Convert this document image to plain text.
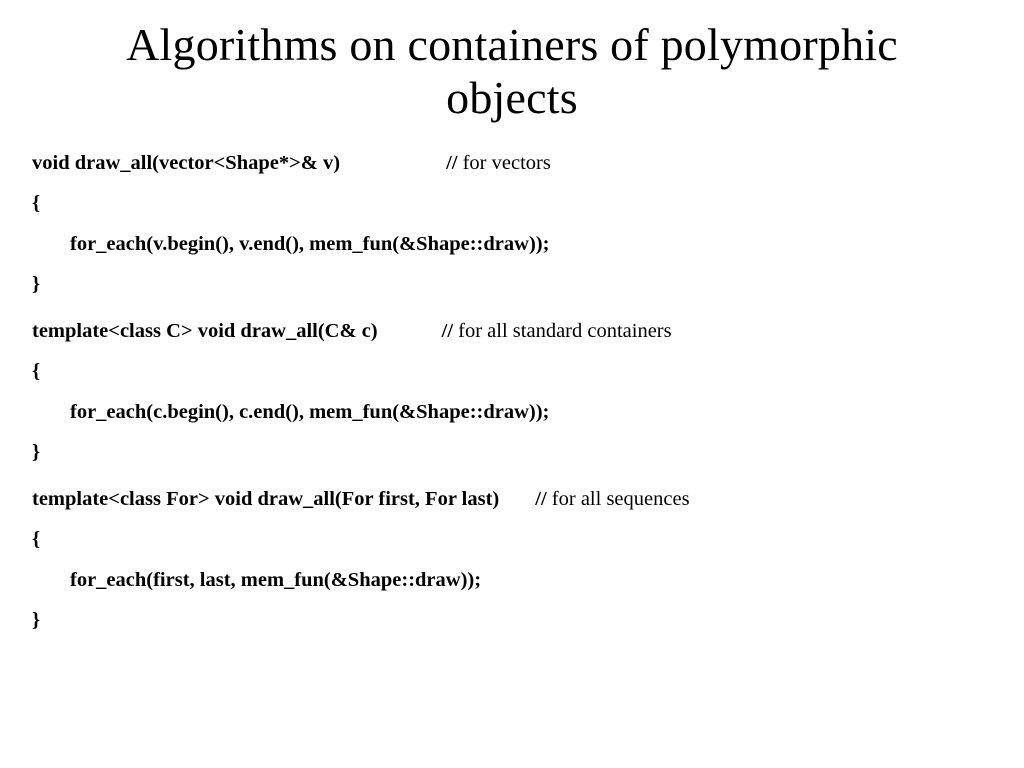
Algorithms on containers of polymorphic objects
void draw_all(vector<Shape*>& v)	// for vectors
{
for_each(v.begin(), v.end(), mem_fun(&Shape::draw));
}
template<class C> void draw_all(C& c)	// for all standard containers
{
for_each(c.begin(), c.end(), mem_fun(&Shape::draw));
}
template<class For> void draw_all(For first, For last) // for all sequences
{
for_each(first, last, mem_fun(&Shape::draw));
}
